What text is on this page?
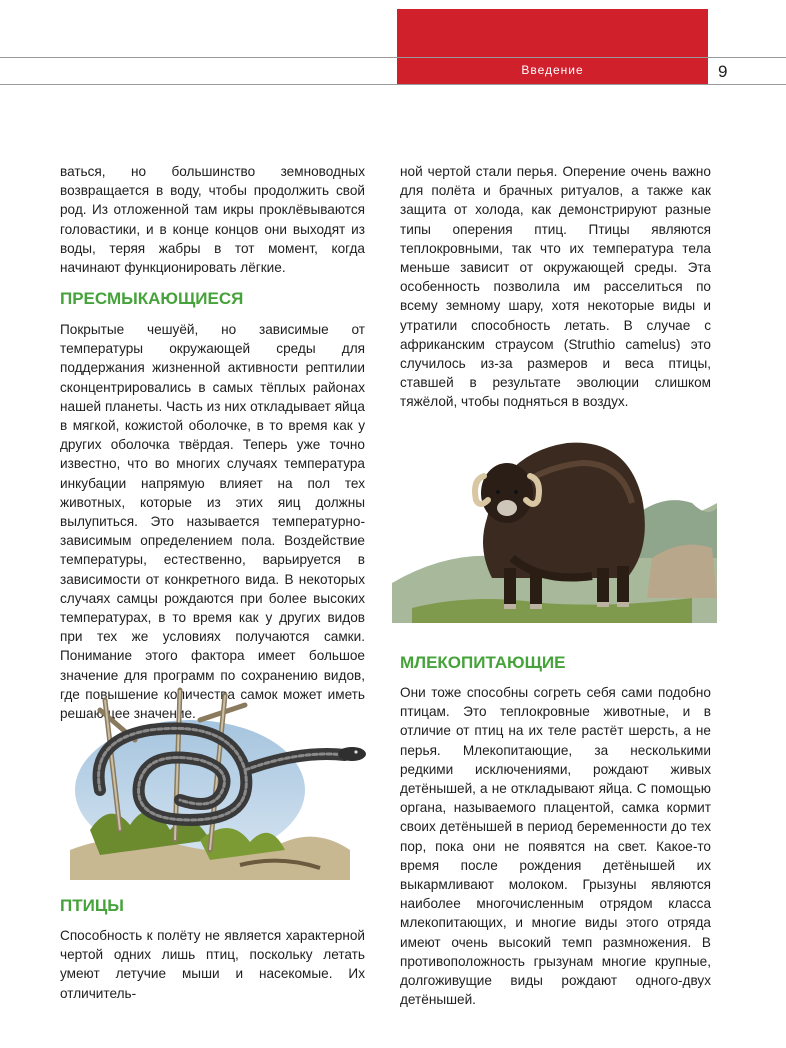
Введение	9

ваться, но большинство земноводных возвращается в воду, чтобы продолжить свой род. Из отложенной там икры проклёвываются головастики, и в конце концов они выходят из воды, теряя жабры в тот момент, когда начинают функционировать лёгкие.

ПРЕСМЫКАЮЩИЕСЯ

Покрытые чешуёй, но зависимые от температуры окружающей среды для поддержания жизненной активности рептилии сконцентрировались в самых тёплых районах нашей планеты. Часть из них откладывает яйца в мягкой, кожистой оболочке, в то время как у других оболочка твёрдая. Теперь уже точно известно, что во многих случаях температура инкубации напрямую влияет на пол тех животных, которые из этих яиц должны вылупиться. Это называется температурно-зависимым определением пола. Воздействие температуры, естественно, варьируется в зависимости от конкретного вида. В некоторых случаях самцы рождаются при более высоких температурах, в то время как у других видов при тех же условиях получаются самки. Понимание этого фактора имеет большое значение для программ по сохранению видов, где повышение количества самок может иметь решающее значение.

ПТИЦЫ

Способность к полёту не является характерной чертой одних лишь птиц, поскольку летать умеют летучие мыши и насекомые. Их отличитель-

ной чертой стали перья. Оперение очень важно для полёта и брачных ритуалов, а также как защита от холода, как демонстрируют разные типы оперения птиц. Птицы являются теплокровными, так что их температура тела меньше зависит от окружающей среды. Эта особенность позволила им расселиться по всему земному шару, хотя некоторые виды и утратили способность летать. В случае с африканским страусом (Struthio camelus) это случилось из-за размеров и веса птицы, ставшей в результате эволюции слишком тяжёлой, чтобы подняться в воздух.

МЛЕКОПИТАЮЩИЕ

Они тоже способны согреть себя сами подобно птицам. Это теплокровные животные, и в отличие от птиц на их теле растёт шерсть, а не перья. Млекопитающие, за несколькими редкими исключениями, рождают живых детёнышей, а не откладывают яйца. С помощью органа, называемого плацентой, самка кормит своих детёнышей в период беременности до тех пор, пока они не появятся на свет. Какое-то время после рождения детёнышей их выкармливают молоком. Грызуны являются наиболее многочисленным отрядом класса млекопитающих, и многие виды этого отряда имеют очень высокий темп размножения. В противоположность грызунам многие крупные, долгоживущие виды рождают одного-двух детёнышей.
